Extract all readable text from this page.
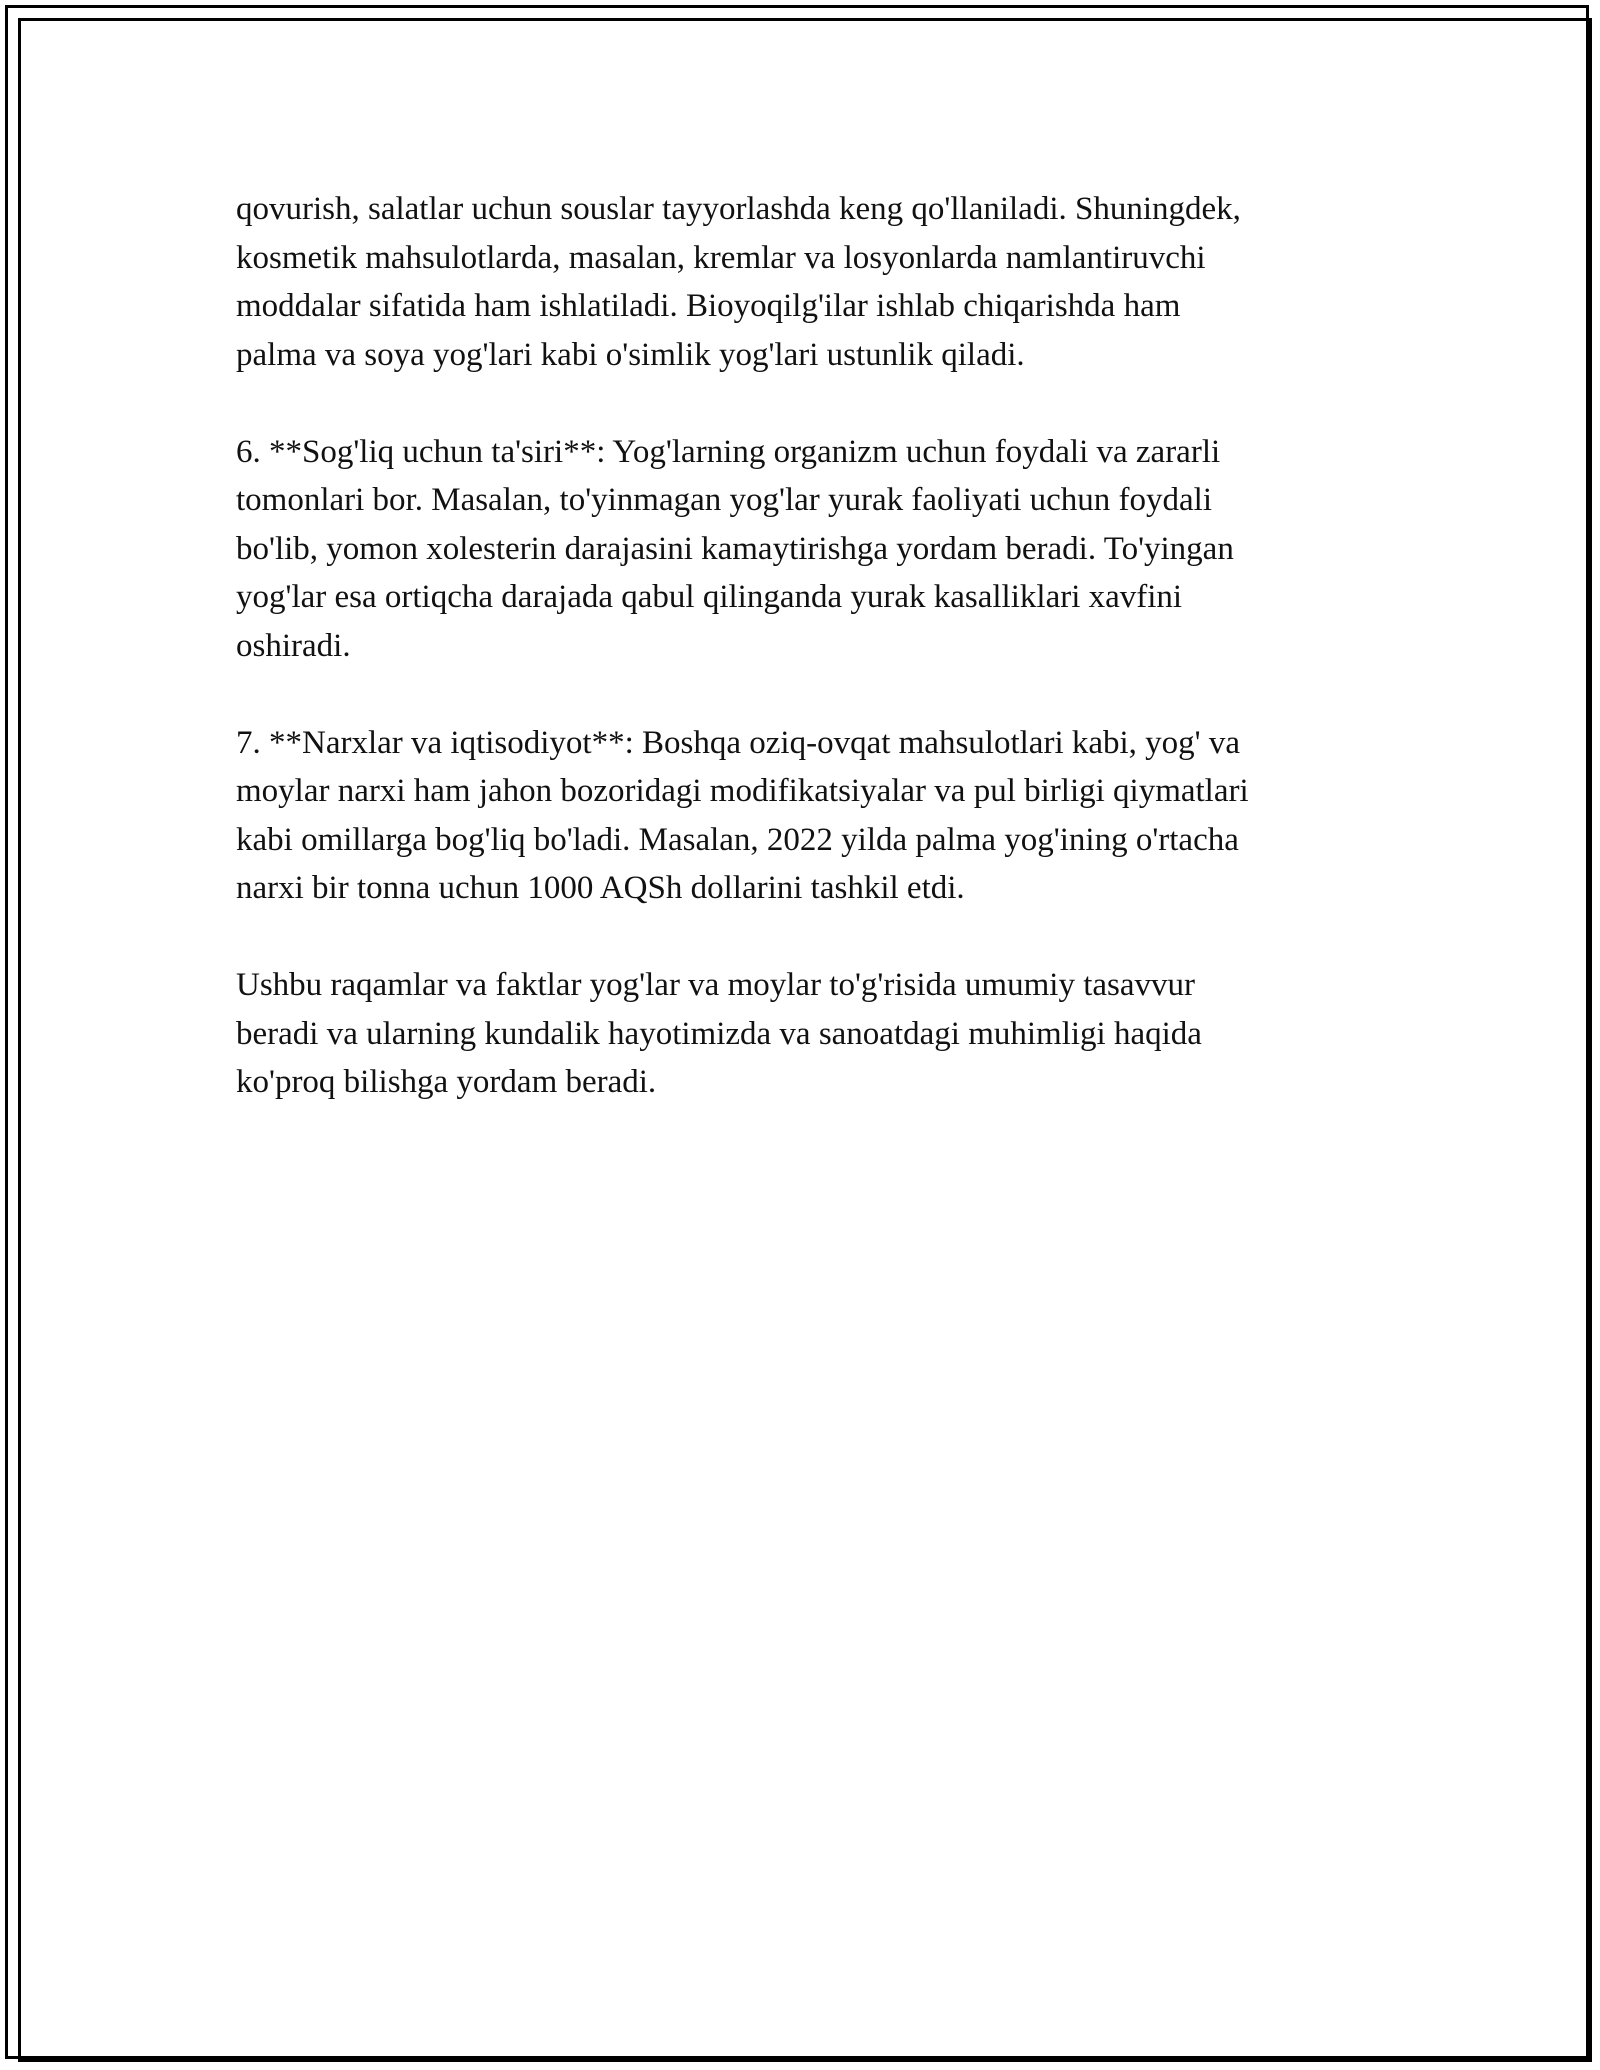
qovurish, salatlar uchun souslar tayyorlashda keng qo'llaniladi. Shuningdek,
kosmetik mahsulotlarda, masalan, kremlar va losyonlarda namlantiruvchi
moddalar sifatida ham ishlatiladi. Bioyoqilg'ilar ishlab chiqarishda ham
palma va soya yog'lari kabi o'simlik yog'lari ustunlik qiladi.

6. **Sog'liq uchun ta'siri**: Yog'larning organizm uchun foydali va zararli
tomonlari bor. Masalan, to'yinmagan yog'lar yurak faoliyati uchun foydali
bo'lib, yomon xolesterin darajasini kamaytirishga yordam beradi. To'yingan
yog'lar esa ortiqcha darajada qabul qilinganda yurak kasalliklari xavfini
oshiradi.

7. **Narxlar va iqtisodiyot**: Boshqa oziq-ovqat mahsulotlari kabi, yog' va
moylar narxi ham jahon bozoridagi modifikatsiyalar va pul birligi qiymatlari
kabi omillarga bog'liq bo'ladi. Masalan, 2022 yilda palma yog'ining o'rtacha
narxi bir tonna uchun 1000 AQSh dollarini tashkil etdi.

Ushbu raqamlar va faktlar yog'lar va moylar to'g'risida umumiy tasavvur
beradi va ularning kundalik hayotimizda va sanoatdagi muhimligi haqida
ko'proq bilishga yordam beradi.
